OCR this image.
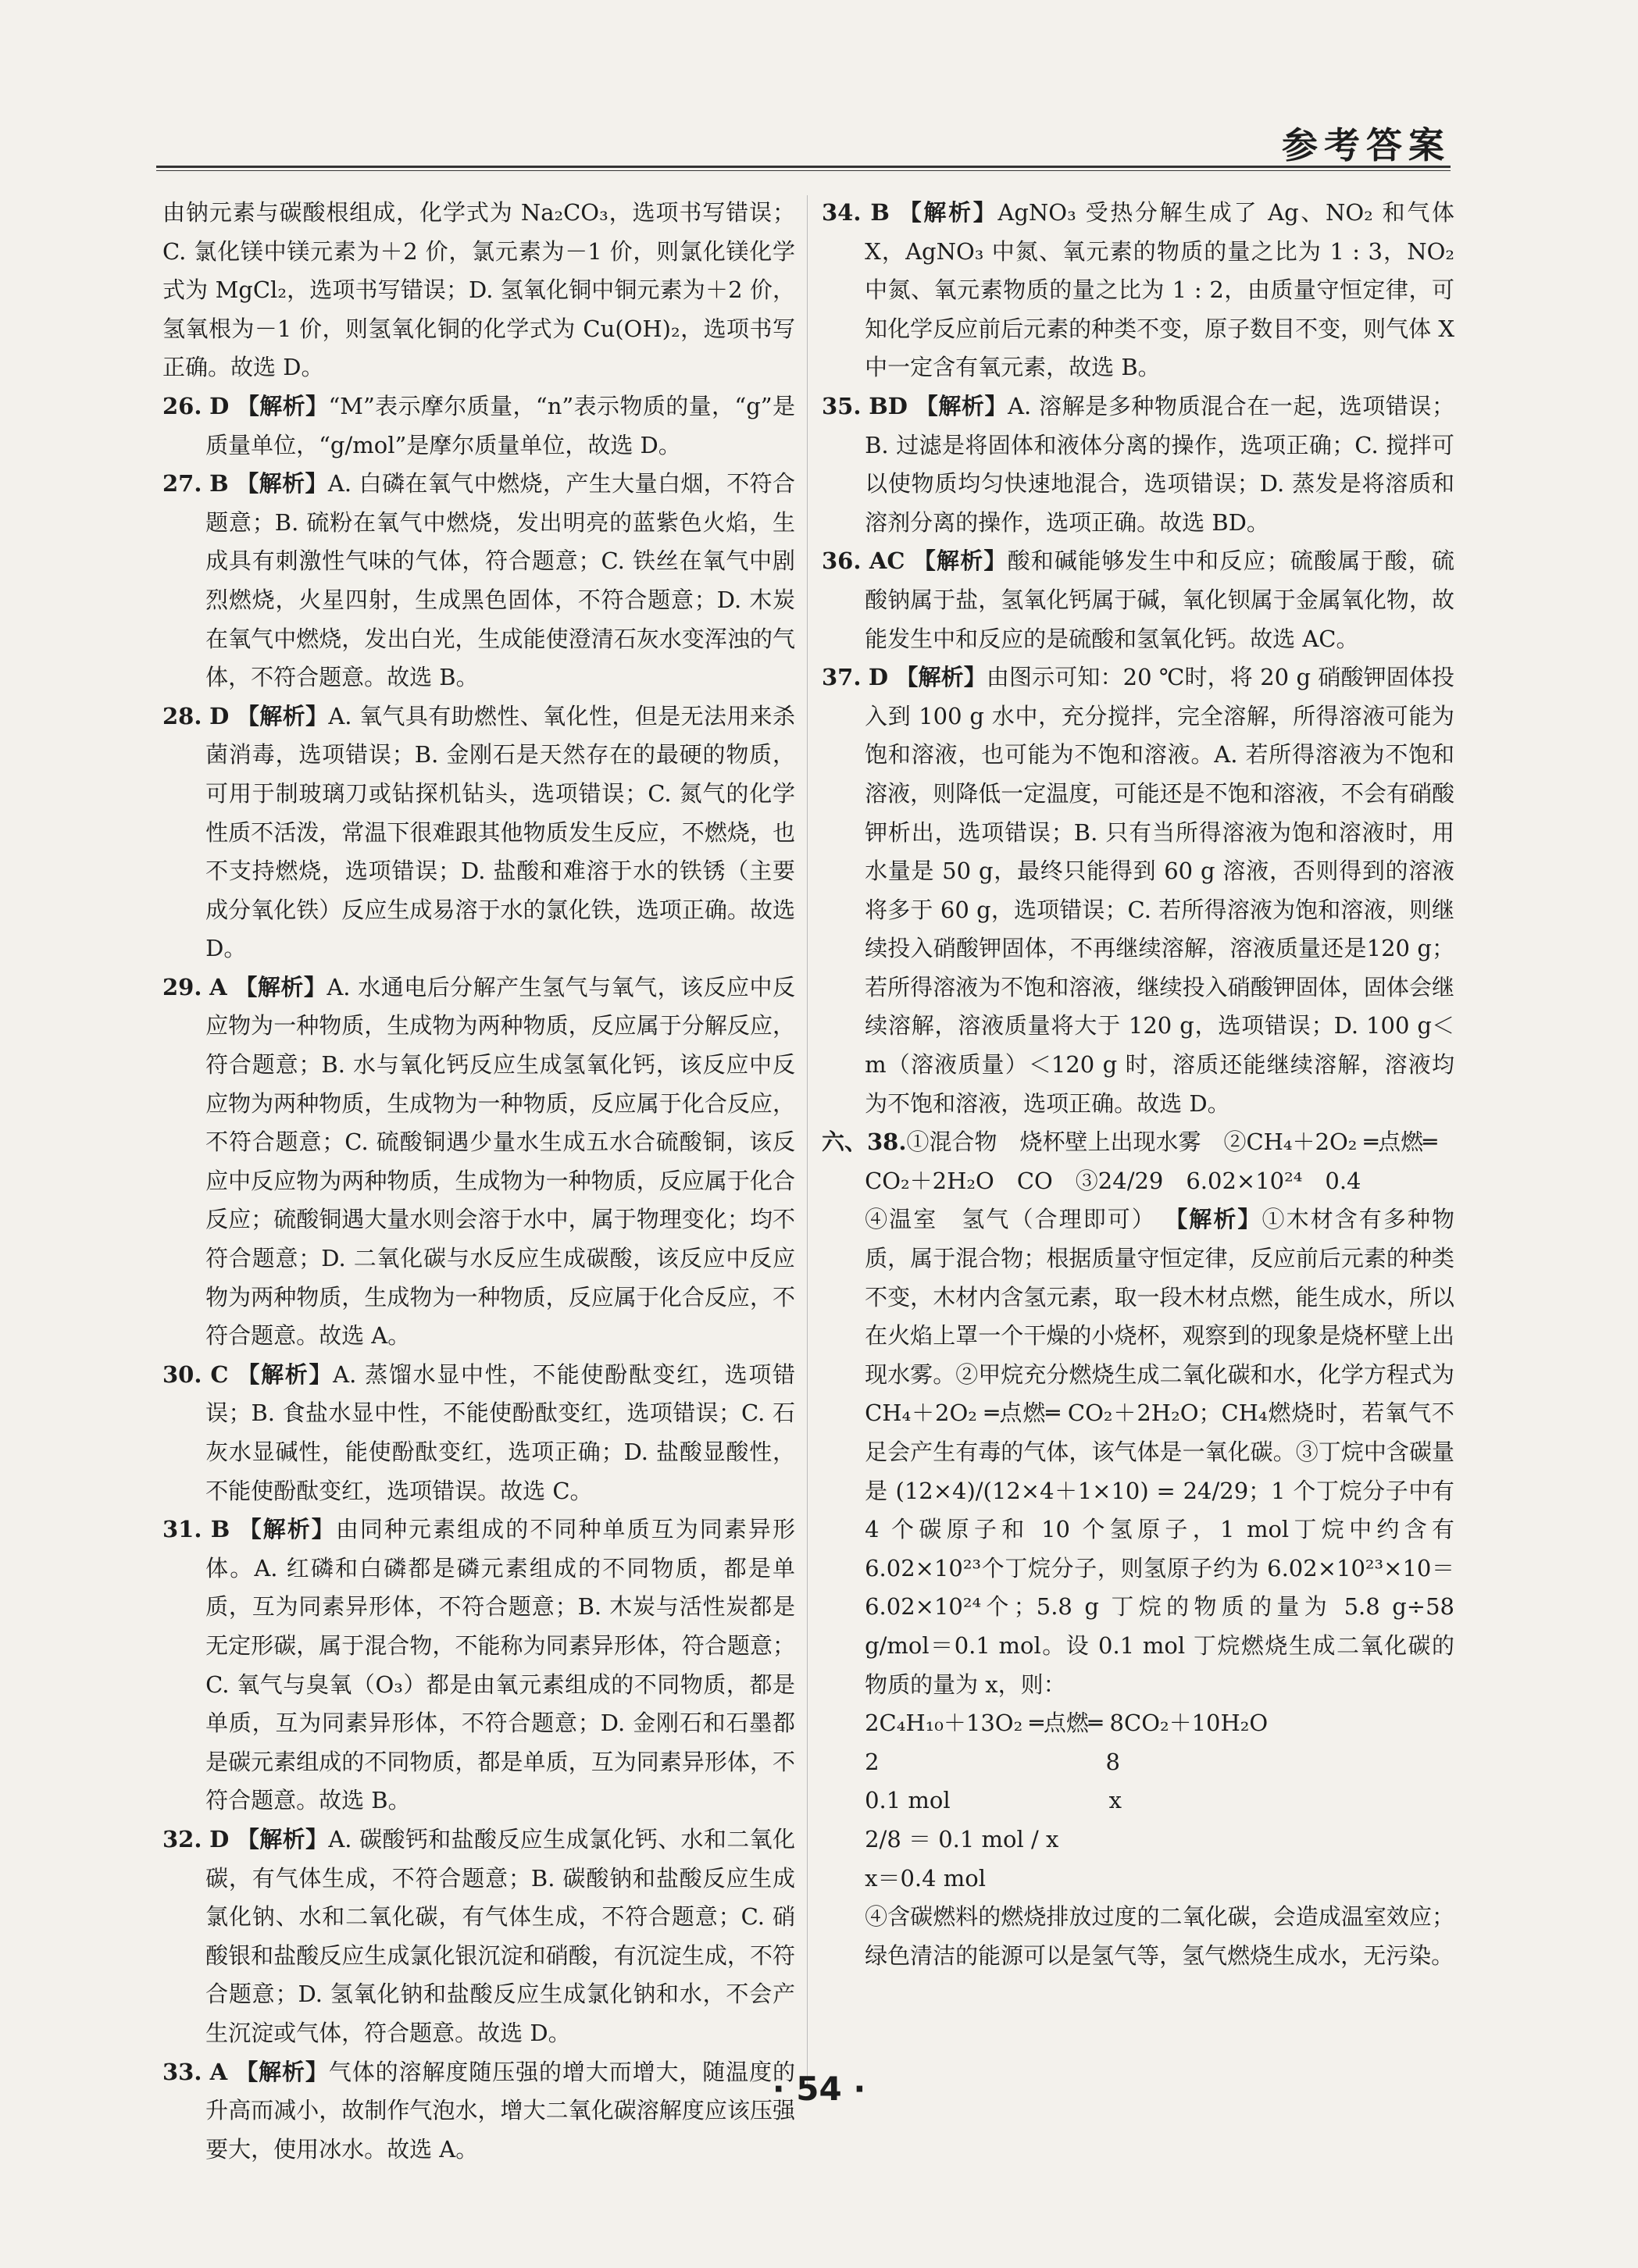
参考答案
由钠元素与碳酸根组成，化学式为 Na₂CO₃，选项书写错误；C. 氯化镁中镁元素为＋2 价，氯元素为－1 价，则氯化镁化学式为 MgCl₂，选项书写错误；D. 氢氧化铜中铜元素为＋2 价，氢氧根为－1 价，则氢氧化铜的化学式为 Cu(OH)₂，选项书写正确。故选 D。
26. D 【解析】“M”表示摩尔质量，“n”表示物质的量，“g”是质量单位，“g/mol”是摩尔质量单位，故选 D。
27. B 【解析】A. 白磷在氧气中燃烧，产生大量白烟，不符合题意；B. 硫粉在氧气中燃烧，发出明亮的蓝紫色火焰，生成具有刺激性气味的气体，符合题意；C. 铁丝在氧气中剧烈燃烧，火星四射，生成黑色固体，不符合题意；D. 木炭在氧气中燃烧，发出白光，生成能使澄清石灰水变浑浊的气体，不符合题意。故选 B。
28. D 【解析】A. 氧气具有助燃性、氧化性，但是无法用来杀菌消毒，选项错误；B. 金刚石是天然存在的最硬的物质，可用于制玻璃刀或钻探机钻头，选项错误；C. 氮气的化学性质不活泼，常温下很难跟其他物质发生反应，不燃烧，也不支持燃烧，选项错误；D. 盐酸和难溶于水的铁锈（主要成分氧化铁）反应生成易溶于水的氯化铁，选项正确。故选 D。
29. A 【解析】A. 水通电后分解产生氢气与氧气，该反应中反应物为一种物质，生成物为两种物质，反应属于分解反应，符合题意；B. 水与氧化钙反应生成氢氧化钙，该反应中反应物为两种物质，生成物为一种物质，反应属于化合反应，不符合题意；C. 硫酸铜遇少量水生成五水合硫酸铜，该反应中反应物为两种物质，生成物为一种物质，反应属于化合反应；硫酸铜遇大量水则会溶于水中，属于物理变化；均不符合题意；D. 二氧化碳与水反应生成碳酸，该反应中反应物为两种物质，生成物为一种物质，反应属于化合反应，不符合题意。故选 A。
30. C 【解析】A. 蒸馏水显中性，不能使酚酞变红，选项错误；B. 食盐水显中性，不能使酚酞变红，选项错误；C. 石灰水显碱性，能使酚酞变红，选项正确；D. 盐酸显酸性，不能使酚酞变红，选项错误。故选 C。
31. B 【解析】由同种元素组成的不同种单质互为同素异形体。A. 红磷和白磷都是磷元素组成的不同物质，都是单质，互为同素异形体，不符合题意；B. 木炭与活性炭都是无定形碳，属于混合物，不能称为同素异形体，符合题意；C. 氧气与臭氧（O₃）都是由氧元素组成的不同物质，都是单质，互为同素异形体，不符合题意；D. 金刚石和石墨都是碳元素组成的不同物质，都是单质，互为同素异形体，不符合题意。故选 B。
32. D 【解析】A. 碳酸钙和盐酸反应生成氯化钙、水和二氧化碳，有气体生成，不符合题意；B. 碳酸钠和盐酸反应生成氯化钠、水和二氧化碳，有气体生成，不符合题意；C. 硝酸银和盐酸反应生成氯化银沉淀和硝酸，有沉淀生成，不符合题意；D. 氢氧化钠和盐酸反应生成氯化钠和水，不会产生沉淀或气体，符合题意。故选 D。
33. A 【解析】气体的溶解度随压强的增大而增大，随温度的升高而减小，故制作气泡水，增大二氧化碳溶解度应该压强要大，使用冰水。故选 A。
34. B 【解析】AgNO₃ 受热分解生成了 Ag、NO₂ 和气体 X，AgNO₃ 中氮、氧元素的物质的量之比为 1 : 3，NO₂ 中氮、氧元素物质的量之比为 1 : 2，由质量守恒定律，可知化学反应前后元素的种类不变，原子数目不变，则气体 X 中一定含有氧元素，故选 B。
35. BD 【解析】A. 溶解是多种物质混合在一起，选项错误；B. 过滤是将固体和液体分离的操作，选项正确；C. 搅拌可以使物质均匀快速地混合，选项错误；D. 蒸发是将溶质和溶剂分离的操作，选项正确。故选 BD。
36. AC 【解析】酸和碱能够发生中和反应；硫酸属于酸，硫酸钠属于盐，氢氧化钙属于碱，氧化钡属于金属氧化物，故能发生中和反应的是硫酸和氢氧化钙。故选 AC。
37. D 【解析】由图示可知：20 ℃时，将 20 g 硝酸钾固体投入到 100 g 水中，充分搅拌，完全溶解，所得溶液可能为饱和溶液，也可能为不饱和溶液。A. 若所得溶液为不饱和溶液，则降低一定温度，可能还是不饱和溶液，不会有硝酸钾析出，选项错误；B. 只有当所得溶液为饱和溶液时，用水量是 50 g，最终只能得到 60 g 溶液，否则得到的溶液将多于 60 g，选项错误；C. 若所得溶液为饱和溶液，则继续投入硝酸钾固体，不再继续溶解，溶液质量还是120 g；若所得溶液为不饱和溶液，继续投入硝酸钾固体，固体会继续溶解，溶液质量将大于 120 g，选项错误；D. 100 g＜m（溶液质量）＜120 g 时，溶质还能继续溶解，溶液均为不饱和溶液，选项正确。故选 D。
六、38.①混合物　烧杯壁上出现水雾　②CH₄＋2O₂ ═点燃═
CO₂＋2H₂O　CO　③24/29　6.02×10²⁴　0.4
④温室　氢气（合理即可） 【解析】①木材含有多种物质，属于混合物；根据质量守恒定律，反应前后元素的种类不变，木材内含氢元素，取一段木材点燃，能生成水，所以在火焰上罩一个干燥的小烧杯，观察到的现象是烧杯壁上出现水雾。②甲烷充分燃烧生成二氧化碳和水，化学方程式为 CH₄＋2O₂ ═点燃═ CO₂＋2H₂O；CH₄燃烧时，若氧气不足会产生有毒的气体，该气体是一氧化碳。③丁烷中含碳量是 (12×4)/(12×4＋1×10) = 24/29；1 个丁烷分子中有 4 个碳原子和 10 个氢原子，1 mol丁烷中约含有 6.02×10²³个丁烷分子，则氢原子约为 6.02×10²³×10＝6.02×10²⁴个；5.8 g 丁烷的物质的量为 5.8 g÷58 g/mol＝0.1 mol。设 0.1 mol 丁烷燃烧生成二氧化碳的物质的量为 x，则：
2C₄H₁₀＋13O₂ ═点燃═ 8CO₂＋10H₂O
2　　　　　　　　　　8
0.1 mol　　　　　　　x
2/8 ＝ 0.1 mol / x
x＝0.4 mol
④含碳燃料的燃烧排放过度的二氧化碳，会造成温室效应；绿色清洁的能源可以是氢气等，氢气燃烧生成水，无污染。
· 54 ·
